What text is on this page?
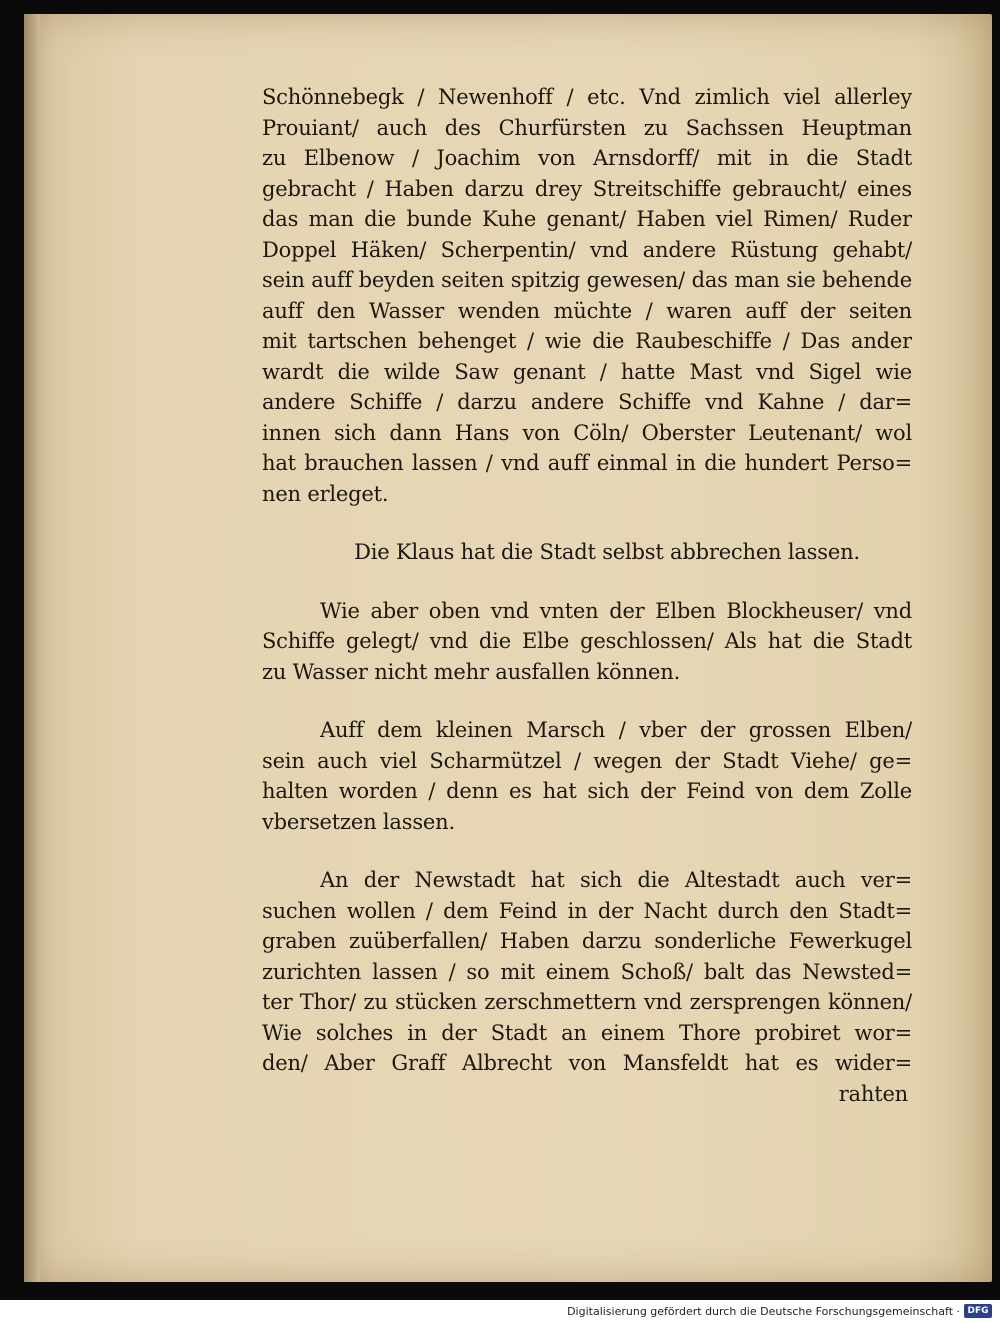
Schönnebegk / Newenhoff / etc. Vnd zimlich viel allerley
Prouiant/ auch des Churfürsten zu Sachssen Heuptman
zu Elbenow / Joachim von Arnsdorff/ mit in die Stadt
gebracht / Haben darzu drey Streitschiffe gebraucht/ eines
das man die bunde Kuhe genant/ Haben viel Rimen/ Ruder
Doppel Häken/ Scherpentin/ vnd andere Rüstung gehabt/
sein auff beyden seiten spitzig gewesen/ das man sie behende
auff den Wasser wenden müchte / waren auff der seiten
mit tartschen behenget / wie die Raubeschiffe / Das ander
wardt die wilde Saw genant / hatte Mast vnd Sigel wie
andere Schiffe / darzu andere Schiffe vnd Kahne / dar=
innen sich dann Hans von Cöln/ Oberster Leutenant/ wol
hat brauchen lassen / vnd auff einmal in die hundert Perso=
nen erleget.
Die Klaus hat die Stadt selbst abbrechen lassen.
Wie aber oben vnd vnten der Elben Blockheuser/ vnd
Schiffe gelegt/ vnd die Elbe geschlossen/ Als hat die Stadt
zu Wasser nicht mehr ausfallen können.
Auff dem kleinen Marsch / vber der grossen Elben/
sein auch viel Scharmützel / wegen der Stadt Viehe/ ge=
halten worden / denn es hat sich der Feind von dem Zolle
vbersetzen lassen.
An der Newstadt hat sich die Altestadt auch ver=
suchen wollen / dem Feind in der Nacht durch den Stadt=
graben zuüberfallen/ Haben darzu sonderliche Fewerkugel
zurichten lassen / so mit einem Schoß/ balt das Newsted=
ter Thor/ zu stücken zerschmettern vnd zersprengen können/
Wie solches in der Stadt an einem Thore probiret wor=
den/ Aber Graff Albrecht von Mansfeldt hat es wider=
rahten
Digitalisierung gefördert durch die Deutsche Forschungsgemeinschaft · DFG
